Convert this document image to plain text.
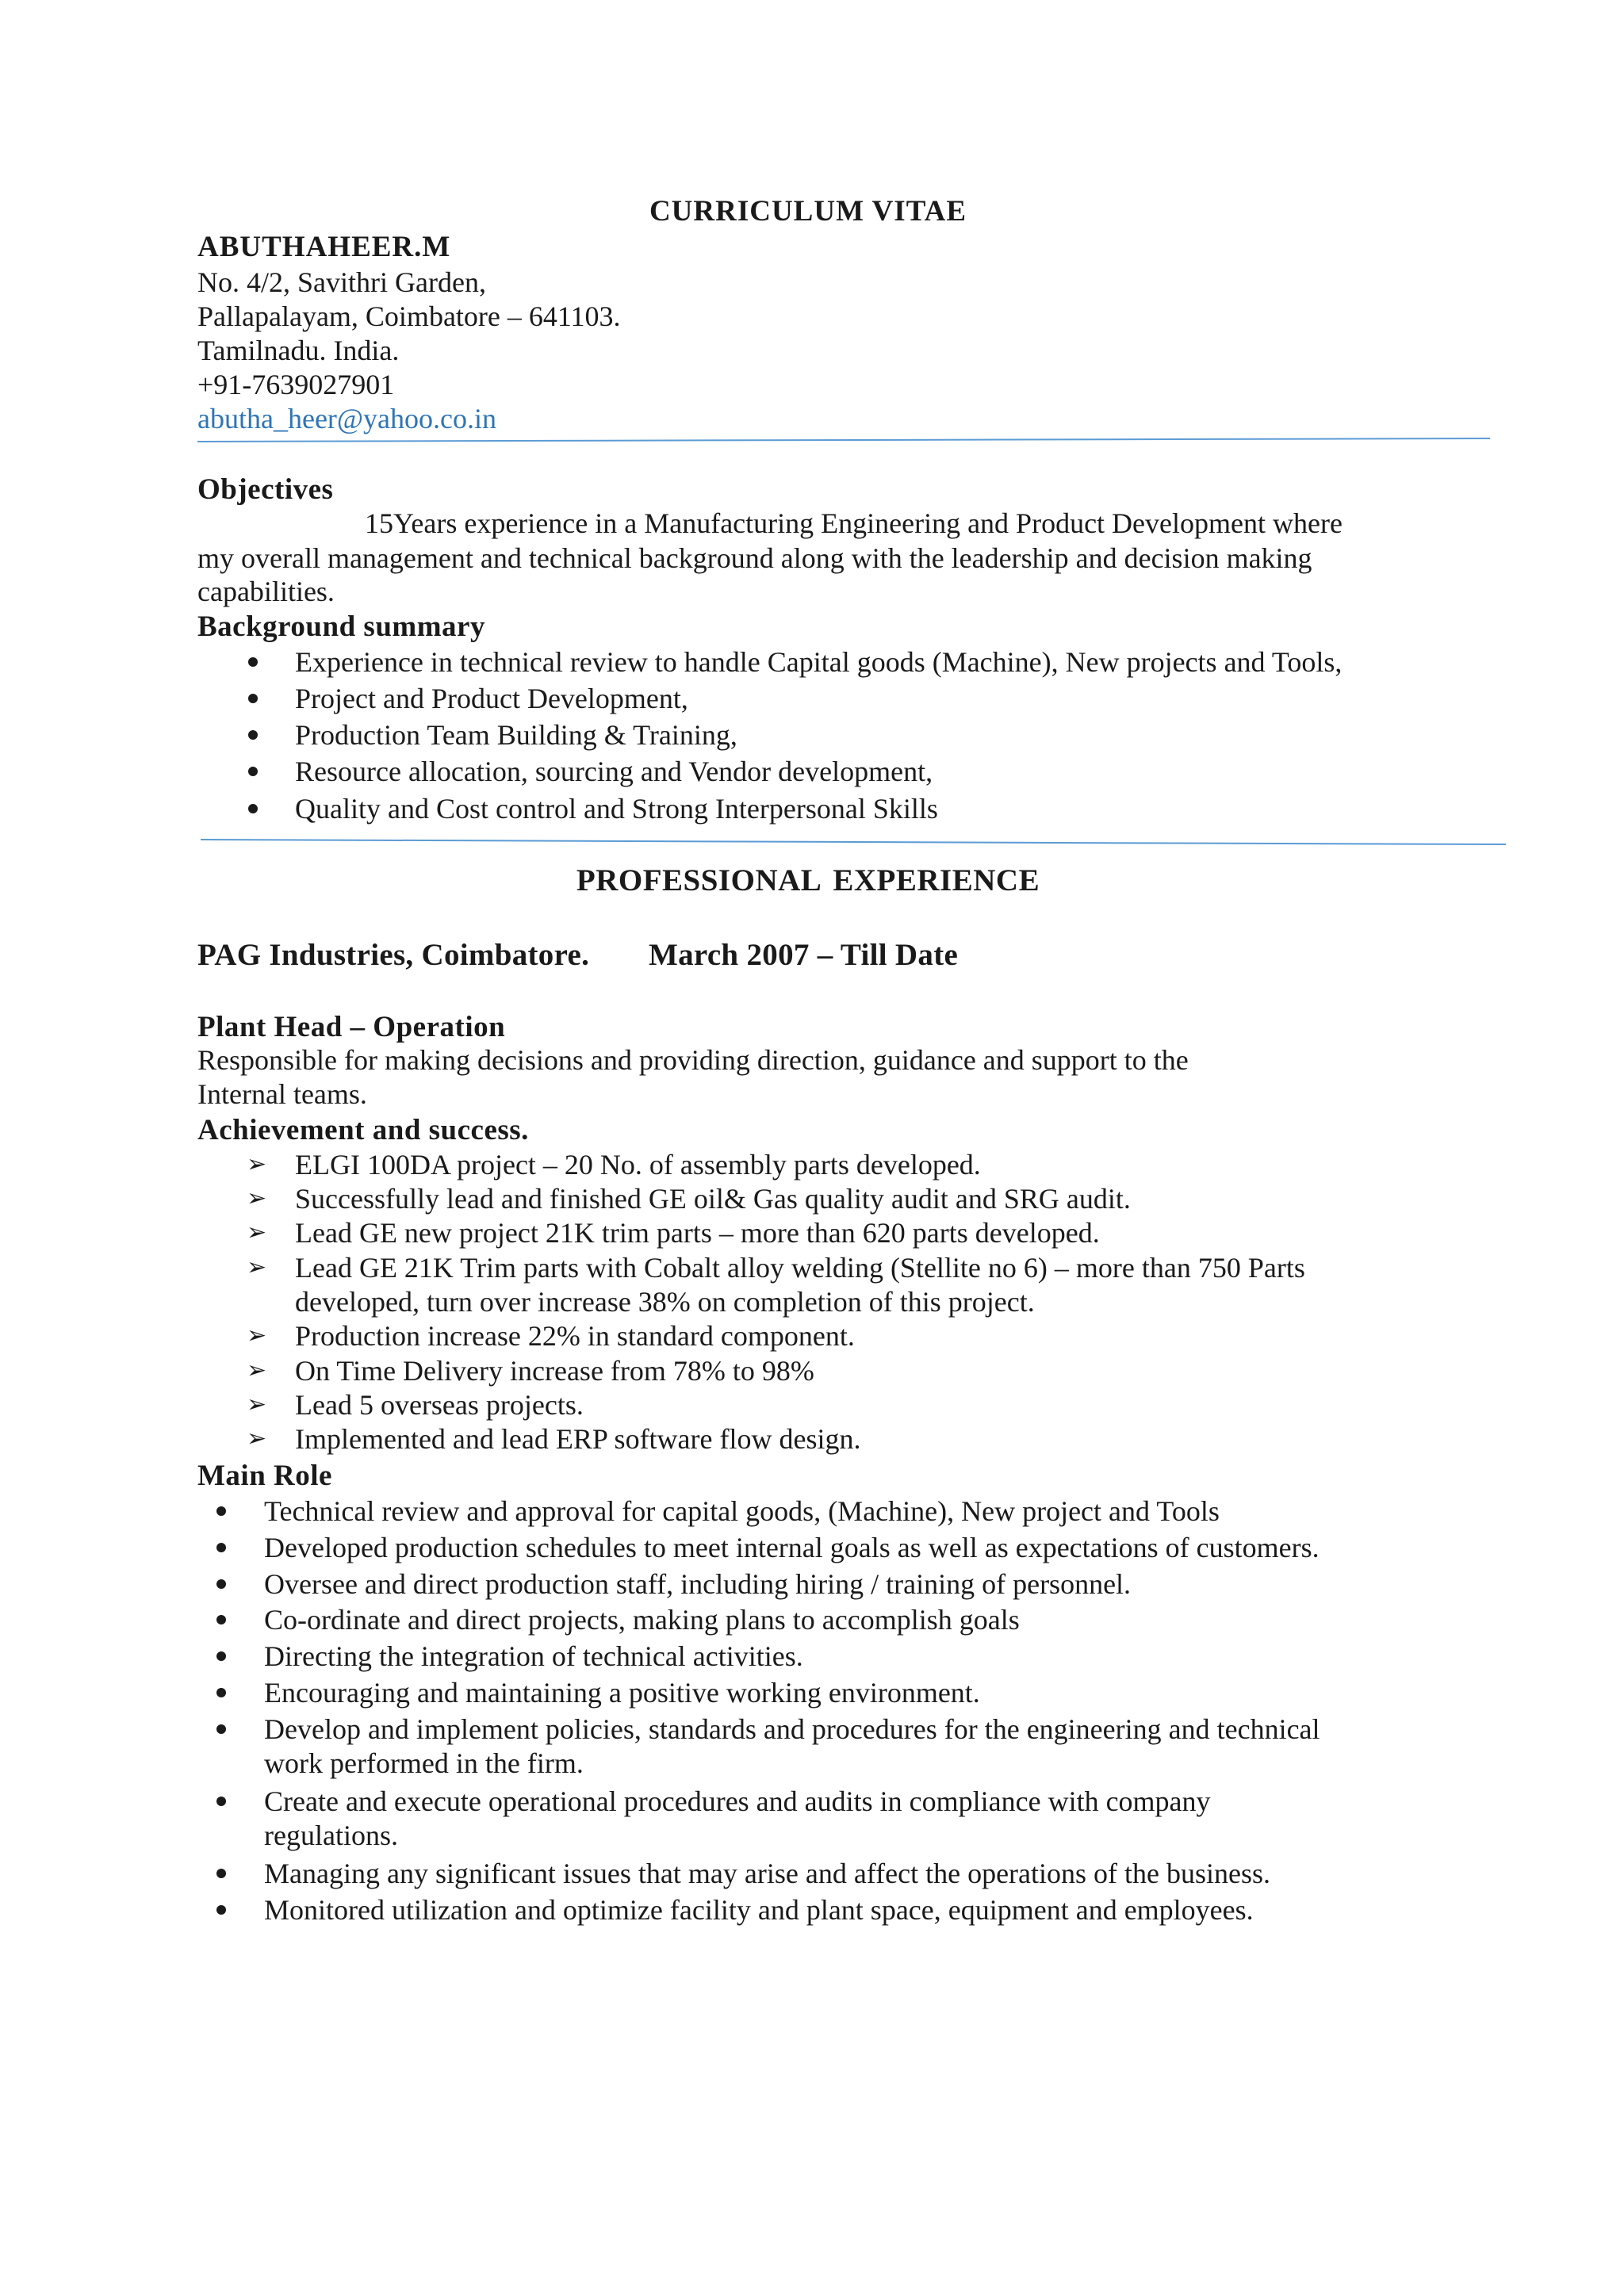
CURRICULUM VITAE
ABUTHAHEER.M
No. 4/2, Savithri Garden,
Pallapalayam, Coimbatore – 641103.
Tamilnadu. India.
+91-7639027901
abutha_heer@yahoo.co.in
Objectives
15Years experience in a Manufacturing Engineering and Product Development where
my overall management and technical background along with the leadership and decision making
capabilities.
Background summary
Experience in technical review to handle Capital goods (Machine), New projects and Tools,
Project and Product Development,
Production Team Building & Training,
Resource allocation, sourcing and Vendor development,
Quality and Cost control and Strong Interpersonal Skills
PROFESSIONAL EXPERIENCE
PAG Industries, Coimbatore. March 2007 – Till Date
Plant Head – Operation
Responsible for making decisions and providing direction, guidance and support to the
Internal teams.
Achievement and success.
➢ ELGI 100DA project – 20 No. of assembly parts developed.
➢ Successfully lead and finished GE oil& Gas quality audit and SRG audit.
➢ Lead GE new project 21K trim parts – more than 620 parts developed.
➢ Lead GE 21K Trim parts with Cobalt alloy welding (Stellite no 6) – more than 750 Parts
developed, turn over increase 38% on completion of this project.
➢ Production increase 22% in standard component.
➢ On Time Delivery increase from 78% to 98%
➢ Lead 5 overseas projects.
➢ Implemented and lead ERP software flow design.
Main Role
Technical review and approval for capital goods, (Machine), New project and Tools
Developed production schedules to meet internal goals as well as expectations of customers.
Oversee and direct production staff, including hiring / training of personnel.
Co-ordinate and direct projects, making plans to accomplish goals
Directing the integration of technical activities.
Encouraging and maintaining a positive working environment.
Develop and implement policies, standards and procedures for the engineering and technical
work performed in the firm.
Create and execute operational procedures and audits in compliance with company
regulations.
Managing any significant issues that may arise and affect the operations of the business.
Monitored utilization and optimize facility and plant space, equipment and employees.
